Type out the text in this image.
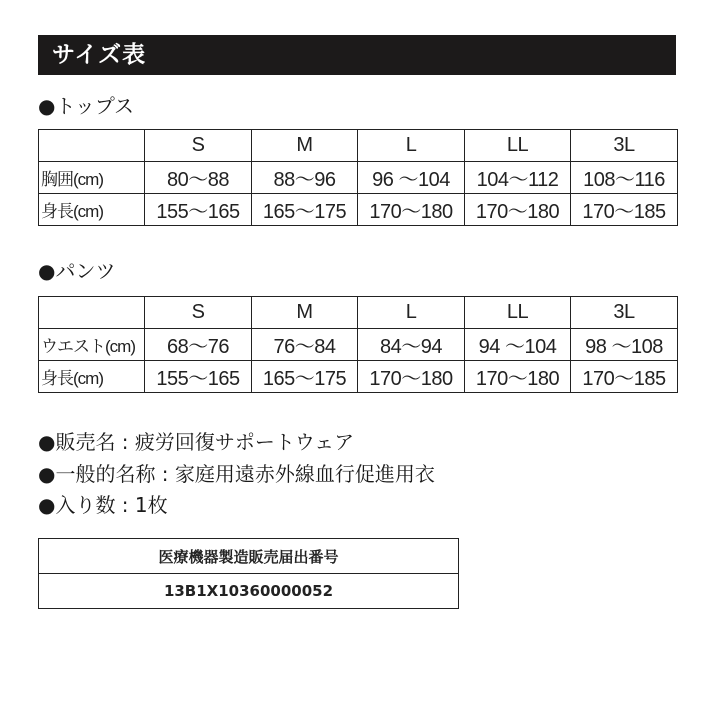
サイズ表
●トップス
	S	M	L	LL	3L
胸囲(cm)	80〜88	88〜96	96 〜104	104〜112	108〜116
身長(cm)	155〜165	165〜175	170〜180	170〜180	170〜185
●パンツ
	S	M	L	LL	3L
ウエスト(cm)	68〜76	76〜84	84〜94	94 〜104	98 〜108
身長(cm)	155〜165	165〜175	170〜180	170〜180	170〜185
●販売名 : 疲労回復サポートウェア
●一般的名称 : 家庭用遠赤外線血行促進用衣
●入り数 : 1枚
医療機器製造販売届出番号
13B1X10360000052
